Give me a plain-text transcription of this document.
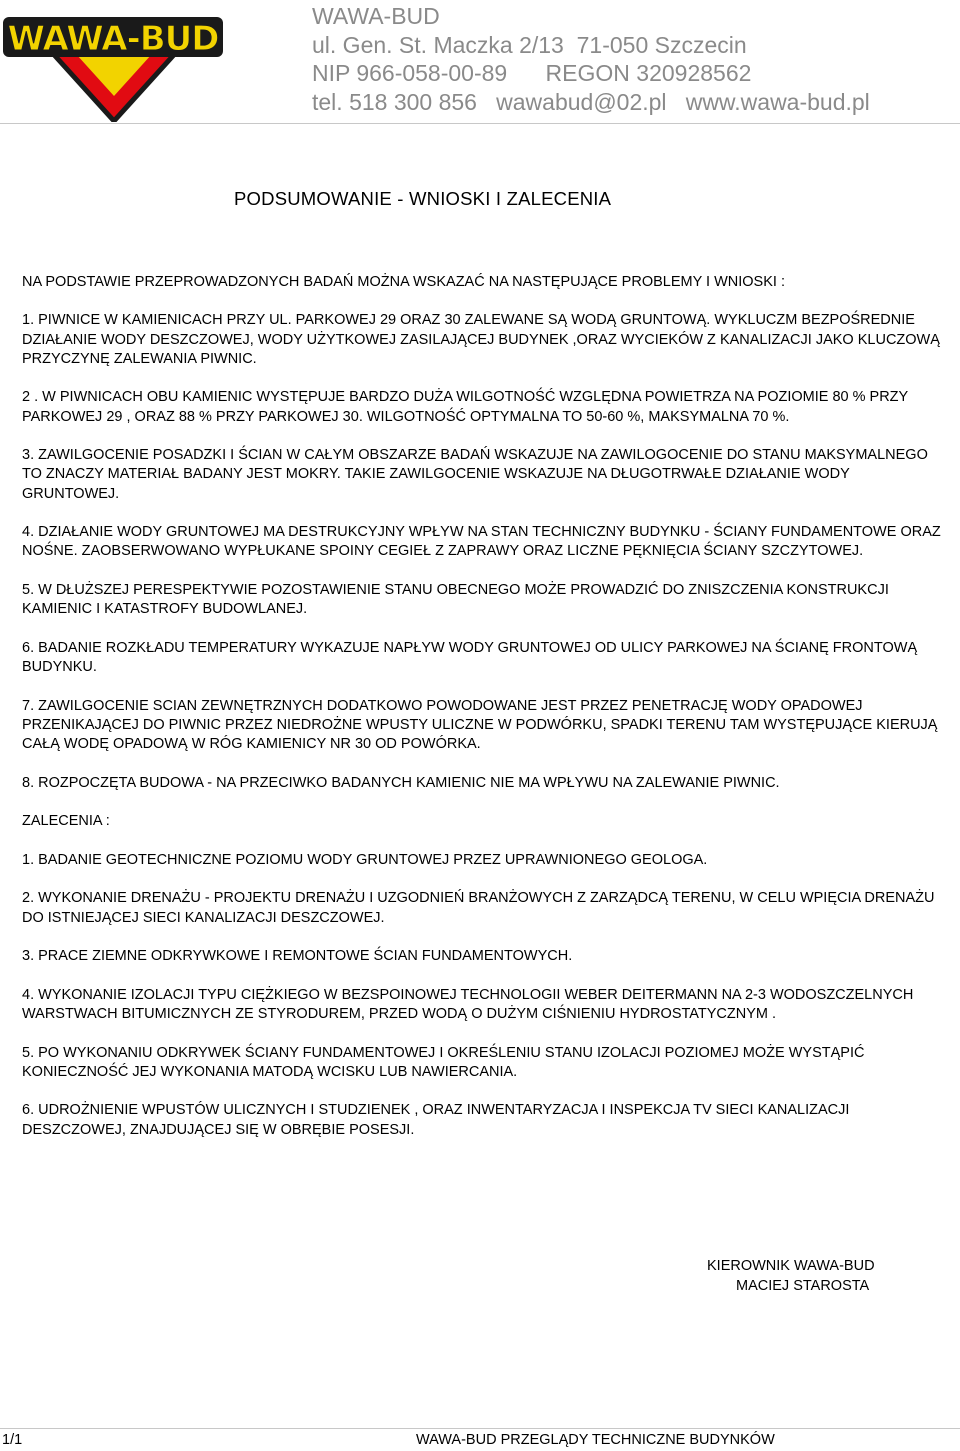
WAWA-BUD
WAWA-BUD
ul. Gen. St. Maczka 2/13  71-050 Szczecin
NIP 966-058-00-89      REGON 320928562
tel. 518 300 856   wawabud@02.pl   www.wawa-bud.pl
PODSUMOWANIE - WNIOSKI I ZALECENIA

NA PODSTAWIE PRZEPROWADZONYCH BADAŃ MOŻNA WSKAZAĆ NA NASTĘPUJĄCE PROBLEMY I WNIOSKI :

1. PIWNICE W KAMIENICACH PRZY UL. PARKOWEJ 29 ORAZ 30 ZALEWANE SĄ WODĄ GRUNTOWĄ. WYKLUCZM BEZPOŚREDNIE DZIAŁANIE WODY DESZCZOWEJ, WODY UŻYTKOWEJ ZASILAJĄCEJ BUDYNEK ,ORAZ WYCIEKÓW Z KANALIZACJI JAKO KLUCZOWĄ PRZYCZYNĘ ZALEWANIA PIWNIC.

2 . W PIWNICACH OBU KAMIENIC WYSTĘPUJE BARDZO DUŻA WILGOTNOŚĆ WZGLĘDNA POWIETRZA NA POZIOMIE 80 % PRZY PARKOWEJ 29 , ORAZ 88 % PRZY PARKOWEJ 30. WILGOTNOŚĆ OPTYMALNA TO 50-60 %, MAKSYMALNA 70 %.

3. ZAWILGOCENIE POSADZKI I ŚCIAN W CAŁYM OBSZARZE BADAŃ WSKAZUJE NA ZAWILOGOCENIE DO STANU MAKSYMALNEGO TO ZNACZY MATERIAŁ BADANY JEST MOKRY. TAKIE ZAWILGOCENIE WSKAZUJE NA DŁUGOTRWAŁE DZIAŁANIE WODY GRUNTOWEJ.

4. DZIAŁANIE WODY GRUNTOWEJ MA DESTRUKCYJNY WPŁYW NA STAN TECHNICZNY BUDYNKU - ŚCIANY FUNDAMENTOWE ORAZ NOŚNE. ZAOBSERWOWANO WYPŁUKANE SPOINY CEGIEŁ Z ZAPRAWY ORAZ LICZNE PĘKNIĘCIA ŚCIANY SZCZYTOWEJ.

5. W DŁUŻSZEJ PERESPEKTYWIE POZOSTAWIENIE STANU OBECNEGO MOŻE PROWADZIĆ DO ZNISZCZENIA KONSTRUKCJI KAMIENIC I KATASTROFY BUDOWLANEJ.

6. BADANIE ROZKŁADU TEMPERATURY WYKAZUJE NAPŁYW WODY GRUNTOWEJ OD ULICY PARKOWEJ NA ŚCIANĘ FRONTOWĄ BUDYNKU.

7. ZAWILGOCENIE SCIAN ZEWNĘTRZNYCH DODATKOWO POWODOWANE JEST PRZEZ PENETRACJĘ WODY OPADOWEJ PRZENIKAJĄCEJ DO PIWNIC PRZEZ NIEDROŻNE WPUSTY ULICZNE W PODWÓRKU, SPADKI TERENU TAM WYSTĘPUJĄCE KIERUJĄ CAŁĄ WODĘ OPADOWĄ W RÓG KAMIENICY NR 30 OD POWÓRKA.

8. ROZPOCZĘTA BUDOWA - NA PRZECIWKO BADANYCH KAMIENIC NIE MA WPŁYWU NA ZALEWANIE PIWNIC.

ZALECENIA :

1. BADANIE GEOTECHNICZNE POZIOMU WODY GRUNTOWEJ PRZEZ UPRAWNIONEGO GEOLOGA.

2. WYKONANIE DRENAŻU - PROJEKTU DRENAŻU I UZGODNIEŃ BRANŻOWYCH Z ZARZĄDCĄ TERENU, W CELU WPIĘCIA DRENAŻU DO ISTNIEJĄCEJ SIECI KANALIZACJI DESZCZOWEJ.

3. PRACE ZIEMNE ODKRYWKOWE I REMONTOWE ŚCIAN FUNDAMENTOWYCH.

4. WYKONANIE IZOLACJI TYPU CIĘŻKIEGO W BEZSPOINOWEJ TECHNOLOGII WEBER DEITERMANN NA 2-3 WODOSZCZELNYCH WARSTWACH BITUMICZNYCH ZE STYRODUREM, PRZED WODĄ O DUŻYM CIŚNIENIU HYDROSTATYCZNYM .

5. PO WYKONANIU ODKRYWEK ŚCIANY FUNDAMENTOWEJ I OKREŚLENIU STANU IZOLACJI POZIOMEJ MOŻE WYSTĄPIĆ KONIECZNOŚĆ JEJ WYKONANIA MATODĄ WCISKU LUB NAWIERCANIA.

6. UDROŻNIENIE WPUSTÓW ULICZNYCH I STUDZIENEK , ORAZ INWENTARYZACJA I INSPEKCJA TV SIECI KANALIZACJI DESZCZOWEJ, ZNAJDUJĄCEJ SIĘ W OBRĘBIE POSESJI.

KIEROWNIK WAWA-BUD
MACIEJ STAROSTA
1/1	WAWA-BUD PRZEGLĄDY TECHNICZNE BUDYNKÓW
